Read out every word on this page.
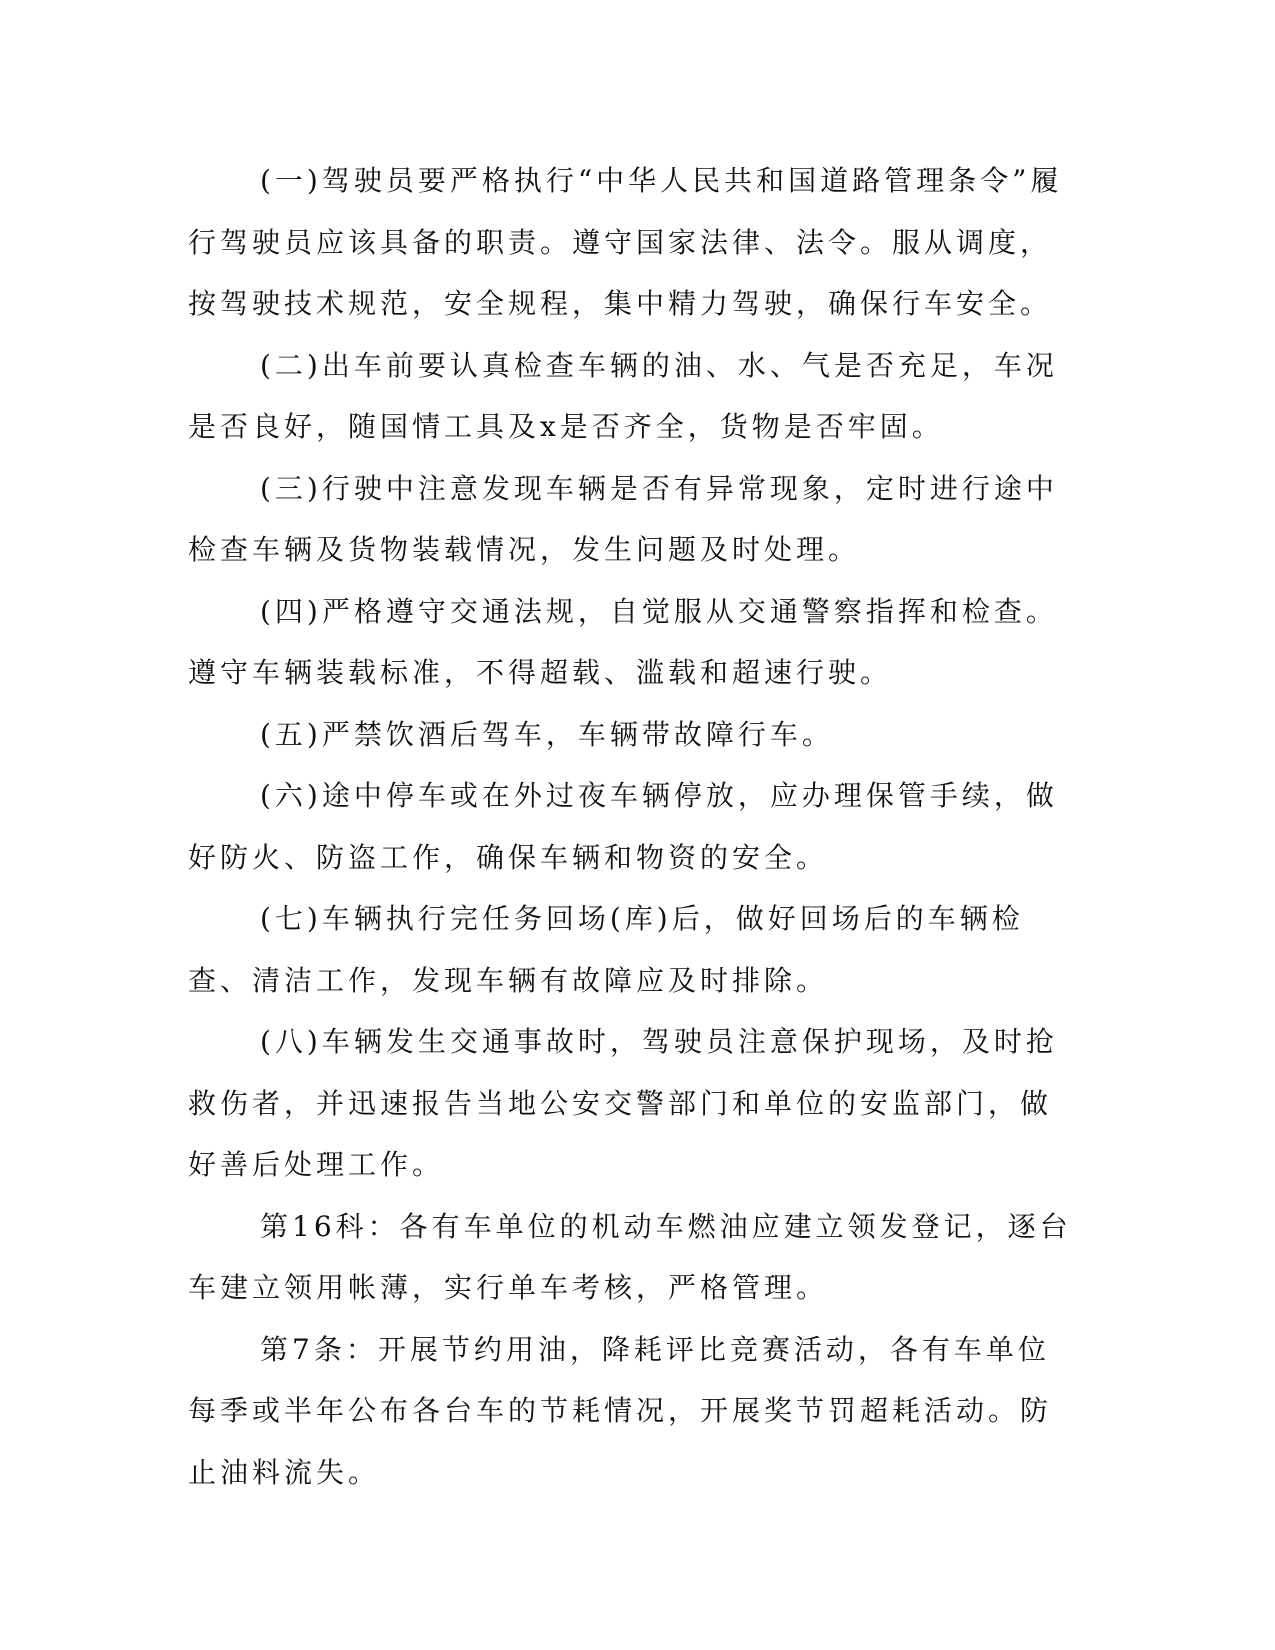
(一)驾驶员要严格执行“中华人民共和国道路管理条令”履行驾驶员应该具备的职责。遵守国家法律、法令。服从调度，按驾驶技术规范，安全规程，集中精力驾驶，确保行车安全。

(二)出车前要认真检查车辆的油、水、气是否充足，车况是否良好，随国情工具及x是否齐全，货物是否牢固。

(三)行驶中注意发现车辆是否有异常现象，定时进行途中检查车辆及货物装载情况，发生问题及时处理。

(四)严格遵守交通法规，自觉服从交通警察指挥和检查。遵守车辆装载标准，不得超载、滥载和超速行驶。

(五)严禁饮酒后驾车，车辆带故障行车。

(六)途中停车或在外过夜车辆停放，应办理保管手续，做好防火、防盗工作，确保车辆和物资的安全。

(七)车辆执行完任务回场(库)后，做好回场后的车辆检查、清洁工作，发现车辆有故障应及时排除。

(八)车辆发生交通事故时，驾驶员注意保护现场，及时抢救伤者，并迅速报告当地公安交警部门和单位的安监部门，做好善后处理工作。

第16科：各有车单位的机动车燃油应建立领发登记，逐台车建立领用帐薄，实行单车考核，严格管理。

第7条：开展节约用油，降耗评比竞赛活动，各有车单位每季或半年公布各台车的节耗情况，开展奖节罚超耗活动。防止油料流失。
